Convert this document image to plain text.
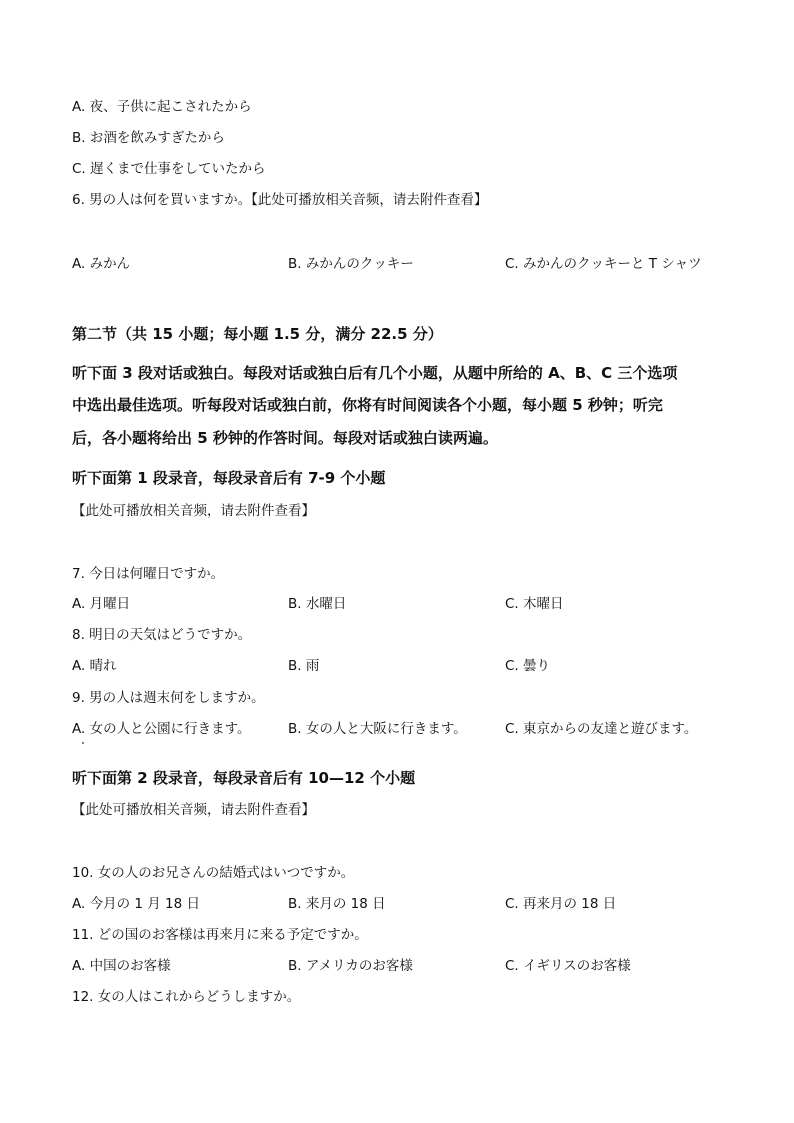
A. 夜、子供に起こされたから
B. お酒を飲みすぎたから
C. 遅くまで仕事をしていたから
6. 男の人は何を買いますか。【此处可播放相关音频，请去附件查看】
A. みかん	B. みかんのクッキー	C. みかんのクッキーと T シャツ
第二节（共 15 小题；每小题 1.5 分，满分 22.5 分）
听下面 3 段对话或独白。每段对话或独白后有几个小题，从题中所给的 A、B、C 三个选项
中选出最佳选项。听每段对话或独白前，你将有时间阅读各个小题，每小题 5 秒钟；听完
后，各小题将给出 5 秒钟的作答时间。每段对话或独白读两遍。
听下面第 1 段录音，每段录音后有 7-9 个小题
【此处可播放相关音频，请去附件查看】
7. 今日は何曜日ですか。
A. 月曜日	B. 水曜日	C. 木曜日
8. 明日の天気はどうですか。
A. 晴れ	B. 雨	C. 曇り
9. 男の人は週末何をしますか。
A. 女の人と公園に行きます。	B. 女の人と大阪に行きます。	C. 東京からの友達と遊びます。
听下面第 2 段录音，每段录音后有 10—12 个小题
【此处可播放相关音频，请去附件查看】
10. 女の人のお兄さんの結婚式はいつですか。
A. 今月の 1 月 18 日	B. 来月の 18 日	C. 再来月の 18 日
11. どの国のお客様は再来月に来る予定ですか。
A. 中国のお客様	B. アメリカのお客様	C. イギリスのお客様
12. 女の人はこれからどうしますか。
